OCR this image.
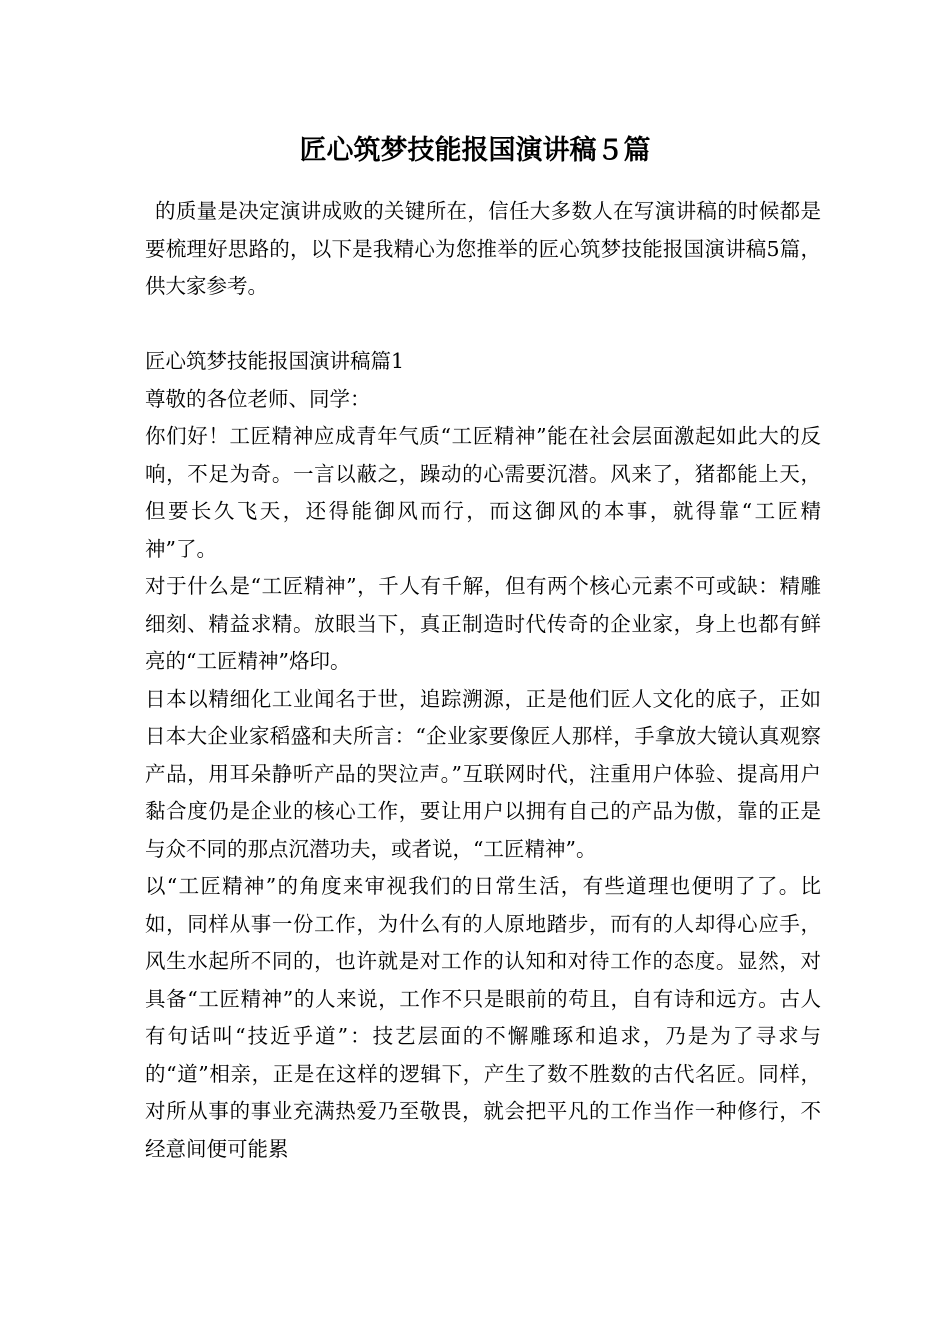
匠心筑梦技能报国演讲稿５篇

的质量是决定演讲成败的关键所在，信任大多数人在写演讲稿的时候都是要梳理好思路的，以下是我精心为您推举的匠心筑梦技能报国演讲稿5篇，供大家参考。

匠心筑梦技能报国演讲稿篇1

尊敬的各位老师、同学：

你们好！工匠精神应成青年气质“工匠精神”能在社会层面激起如此大的反响，不足为奇。一言以蔽之，躁动的心需要沉潜。风来了，猪都能上天，但要长久飞天，还得能御风而行，而这御风的本事，就得靠“工匠精神”了。

对于什么是“工匠精神”，千人有千解，但有两个核心元素不可或缺：精雕细刻、精益求精。放眼当下，真正制造时代传奇的企业家，身上也都有鲜亮的“工匠精神”烙印。

日本以精细化工业闻名于世，追踪溯源，正是他们匠人文化的底子，正如日本大企业家稻盛和夫所言：“企业家要像匠人那样，手拿放大镜认真观察产品，用耳朵静听产品的哭泣声。”互联网时代，注重用户体验、提高用户黏合度仍是企业的核心工作，要让用户以拥有自己的产品为傲，靠的正是与众不同的那点沉潜功夫，或者说，“工匠精神”。

以“工匠精神”的角度来审视我们的日常生活，有些道理也便明了了。比如，同样从事一份工作，为什么有的人原地踏步，而有的人却得心应手，风生水起所不同的，也许就是对工作的认知和对待工作的态度。显然，对具备“工匠精神”的人来说，工作不只是眼前的苟且，自有诗和远方。古人有句话叫“技近乎道”：技艺层面的不懈雕琢和追求，乃是为了寻求与的“道”相亲，正是在这样的逻辑下，产生了数不胜数的古代名匠。同样，对所从事的事业充满热爱乃至敬畏，就会把平凡的工作当作一种修行，不经意间便可能累
